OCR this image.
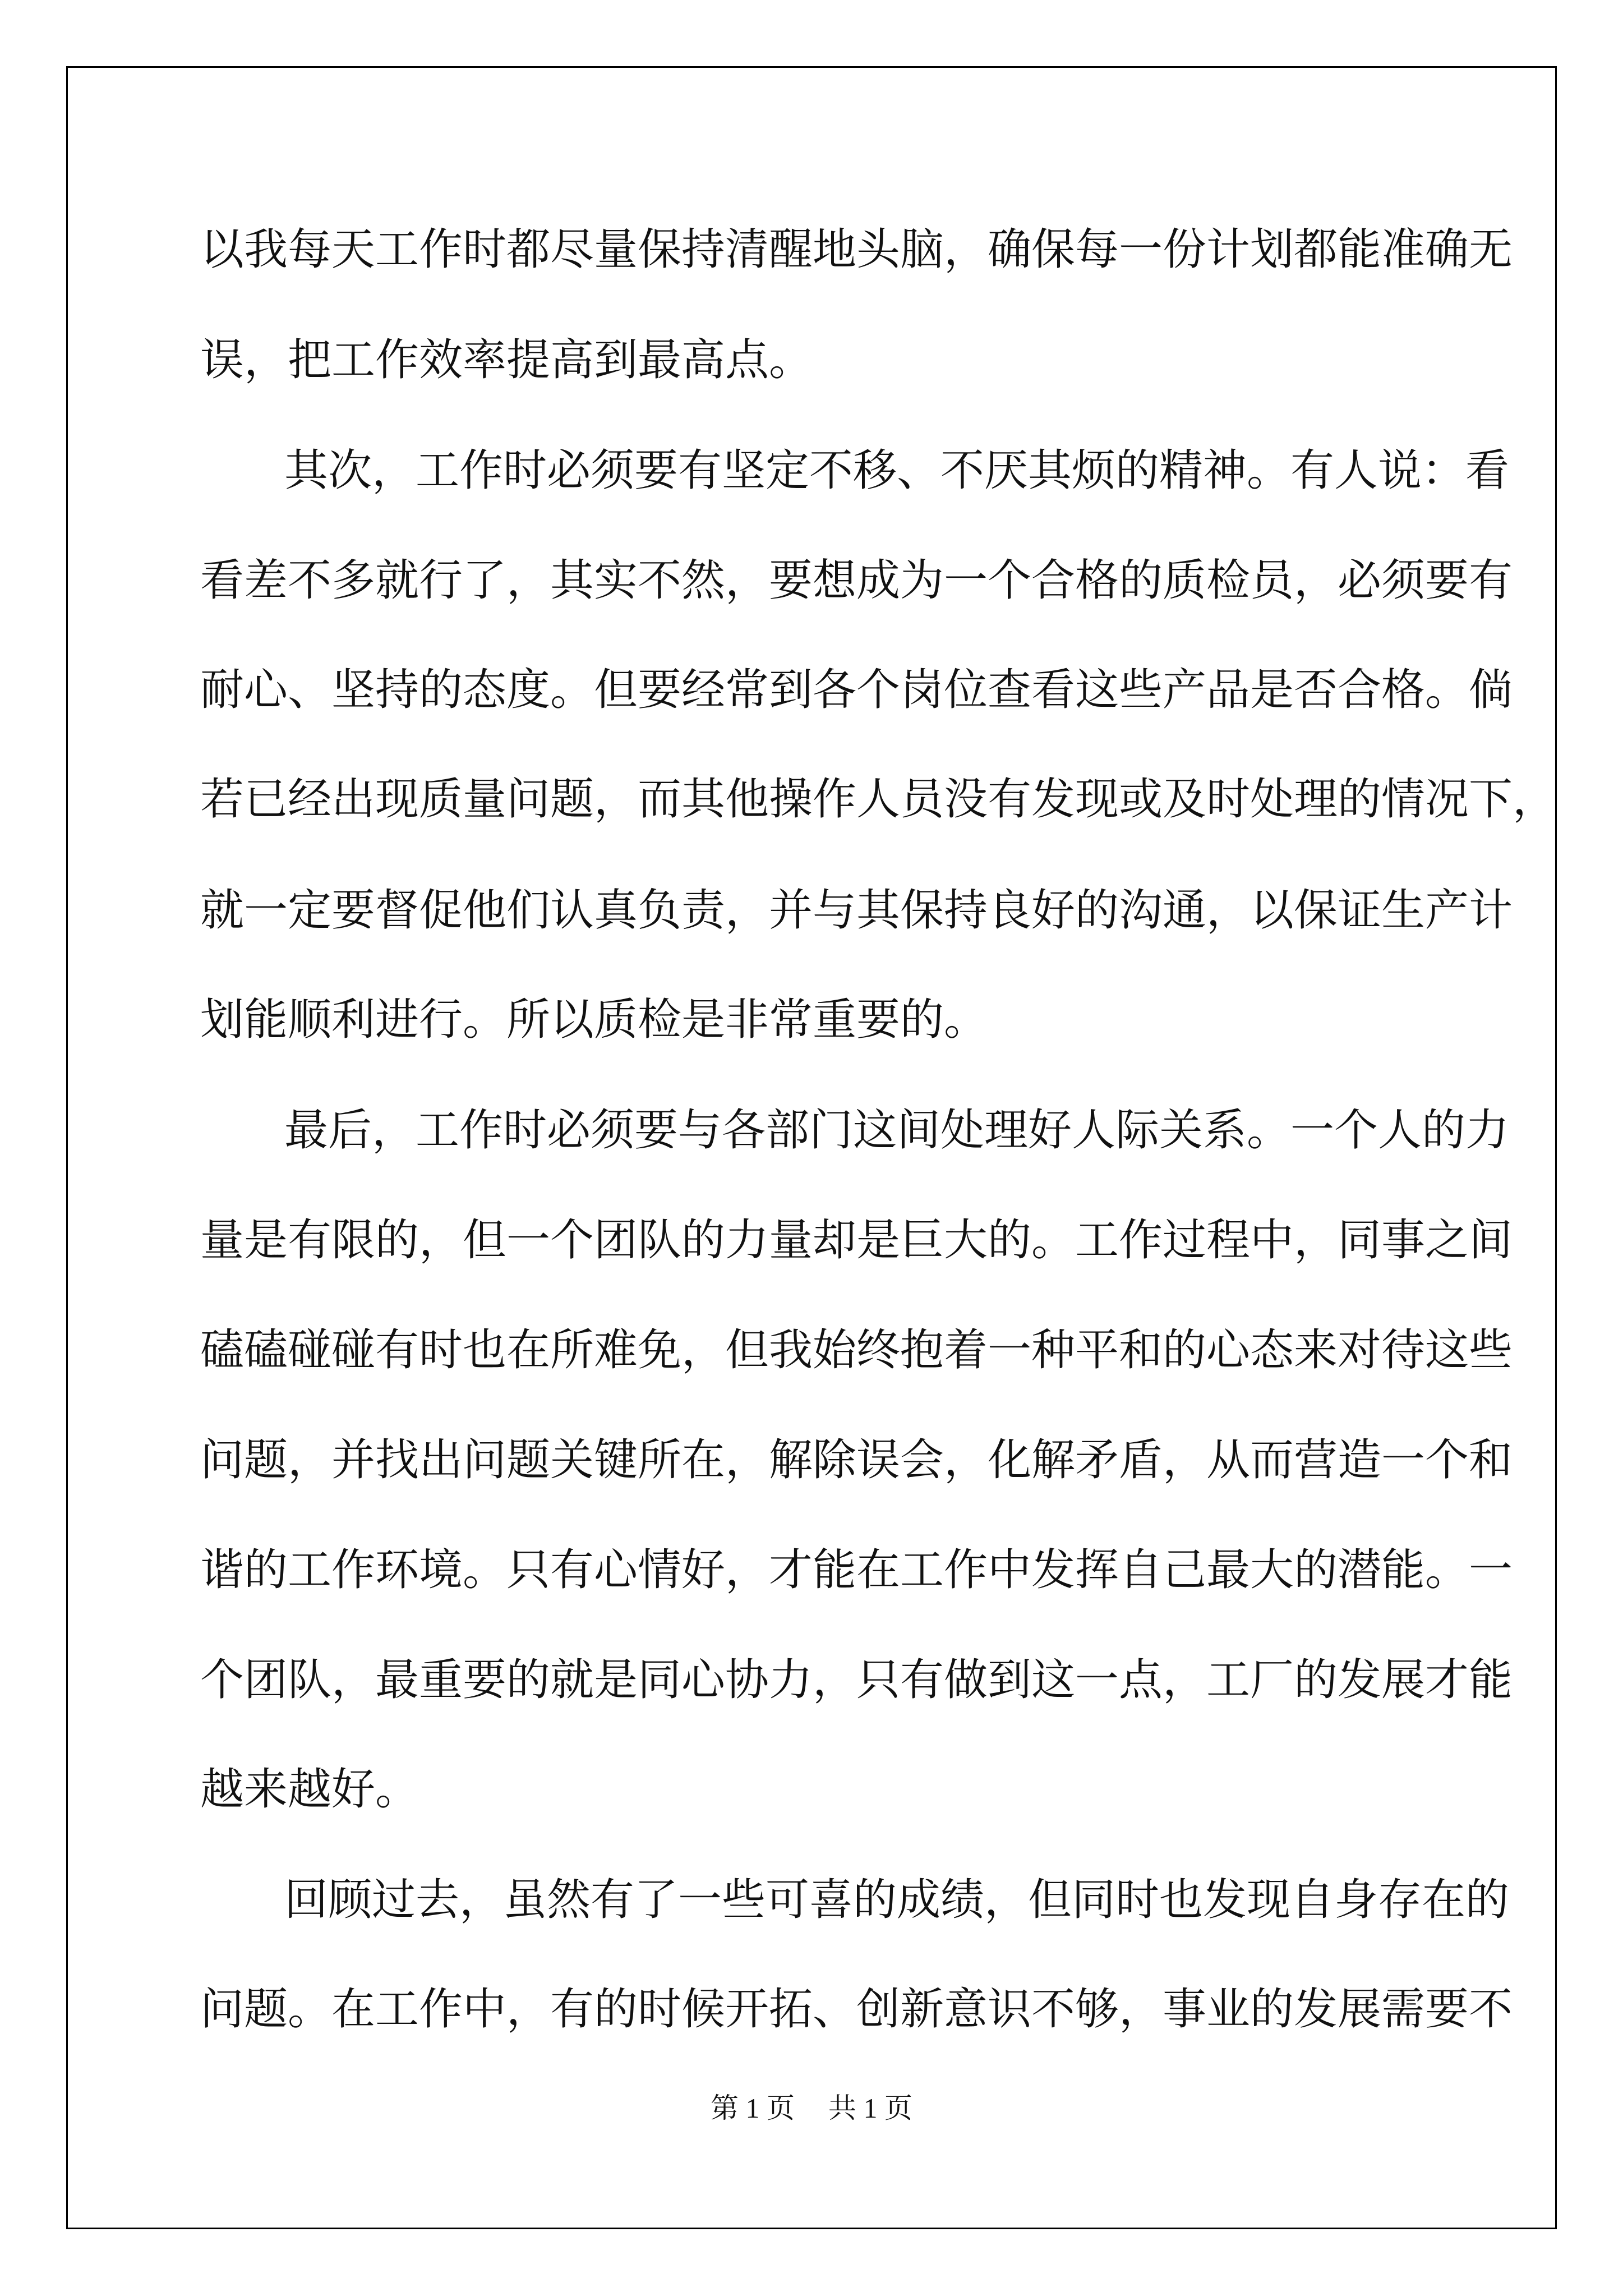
以我每天工作时都尽量保持清醒地头脑，确保每一份计划都能准确无
误，把工作效率提高到最高点。
其次，工作时必须要有坚定不移、不厌其烦的精神。有人说：看
看差不多就行了，其实不然，要想成为一个合格的质检员，必须要有
耐心、坚持的态度。但要经常到各个岗位查看这些产品是否合格。倘
若已经出现质量问题，而其他操作人员没有发现或及时处理的情况下，
就一定要督促他们认真负责，并与其保持良好的沟通，以保证生产计
划能顺利进行。所以质检是非常重要的。
最后，工作时必须要与各部门这间处理好人际关系。一个人的力
量是有限的，但一个团队的力量却是巨大的。工作过程中，同事之间
磕磕碰碰有时也在所难免，但我始终抱着一种平和的心态来对待这些
问题，并找出问题关键所在，解除误会，化解矛盾，从而营造一个和
谐的工作环境。只有心情好，才能在工作中发挥自己最大的潜能。一
个团队，最重要的就是同心协力，只有做到这一点，工厂的发展才能
越来越好。
回顾过去，虽然有了一些可喜的成绩，但同时也发现自身存在的
问题。在工作中，有的时候开拓、创新意识不够，事业的发展需要不
第 1 页 共 1 页
